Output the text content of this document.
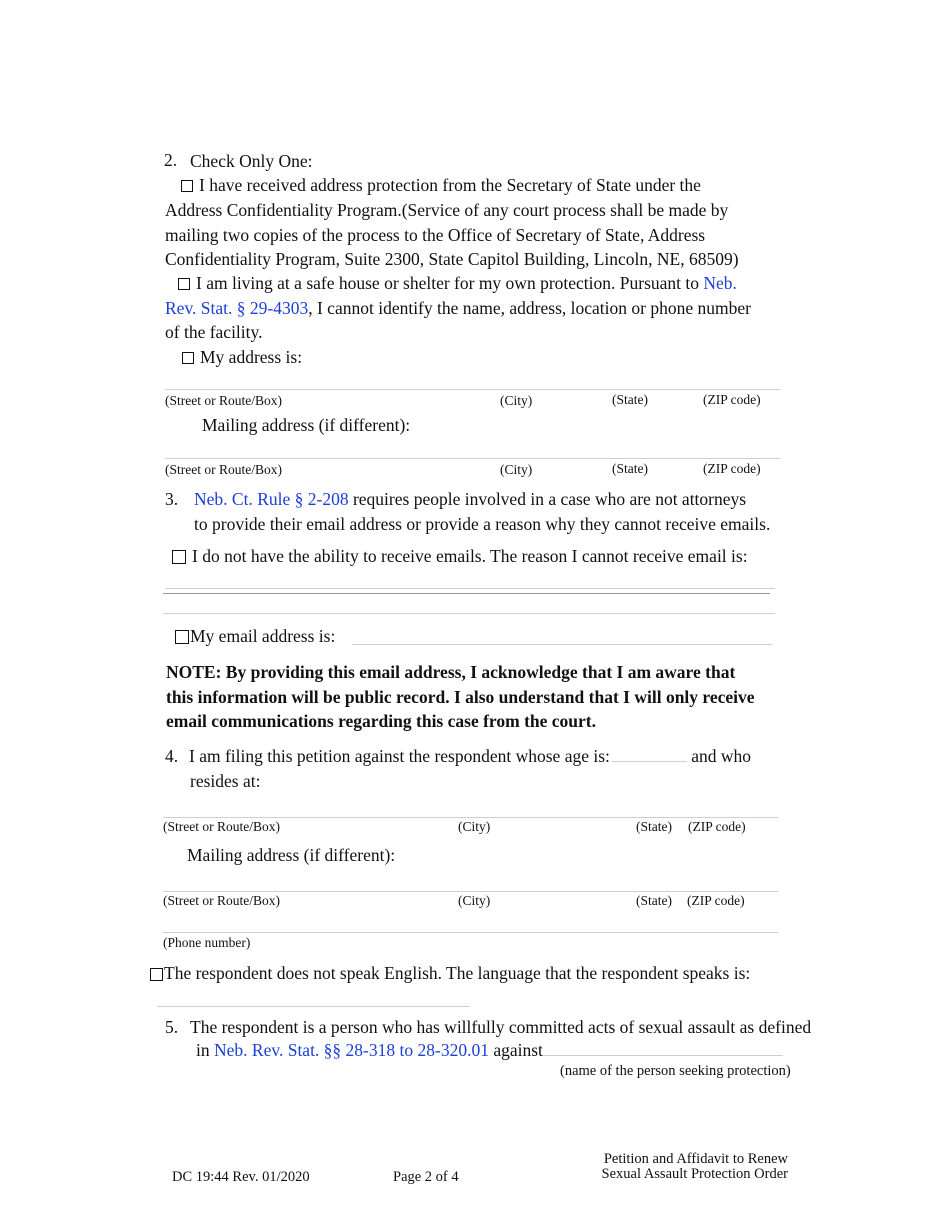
2. Check Only One:
I have received address protection from the Secretary of State under the
Address Confidentiality Program.(Service of any court process shall be made by
mailing two copies of the process to the Office of Secretary of State, Address
Confidentiality Program, Suite 2300, State Capitol Building, Lincoln, NE, 68509)
I am living at a safe house or shelter for my own protection. Pursuant to Neb.
Rev. Stat. § 29-4303, I cannot identify the name, address, location or phone number
of the facility.
My address is:
(Street or Route/Box)	(City)	(State)	(ZIP code)
Mailing address (if different):
(Street or Route/Box)	(City)	(State)	(ZIP code)
3. Neb. Ct. Rule § 2-208 requires people involved in a case who are not attorneys
to provide their email address or provide a reason why they cannot receive emails.
I do not have the ability to receive emails. The reason I cannot receive email is:
My email address is:
NOTE: By providing this email address, I acknowledge that I am aware that
this information will be public record. I also understand that I will only receive
email communications regarding this case from the court.
4. I am filing this petition against the respondent whose age is:	and who
resides at:
(Street or Route/Box)	(City)	(State) (ZIP code)
Mailing address (if different):
(Street or Route/Box)	(City)	(State) (ZIP code)
(Phone number)
The respondent does not speak English. The language that the respondent speaks is:
5. The respondent is a person who has willfully committed acts of sexual assault as defined
in Neb. Rev. Stat. §§ 28-318 to 28-320.01 against
(name of the person seeking protection)
DC 19:44 Rev. 01/2020	Page 2 of 4
Petition and Affidavit to Renew
Sexual Assault Protection Order
